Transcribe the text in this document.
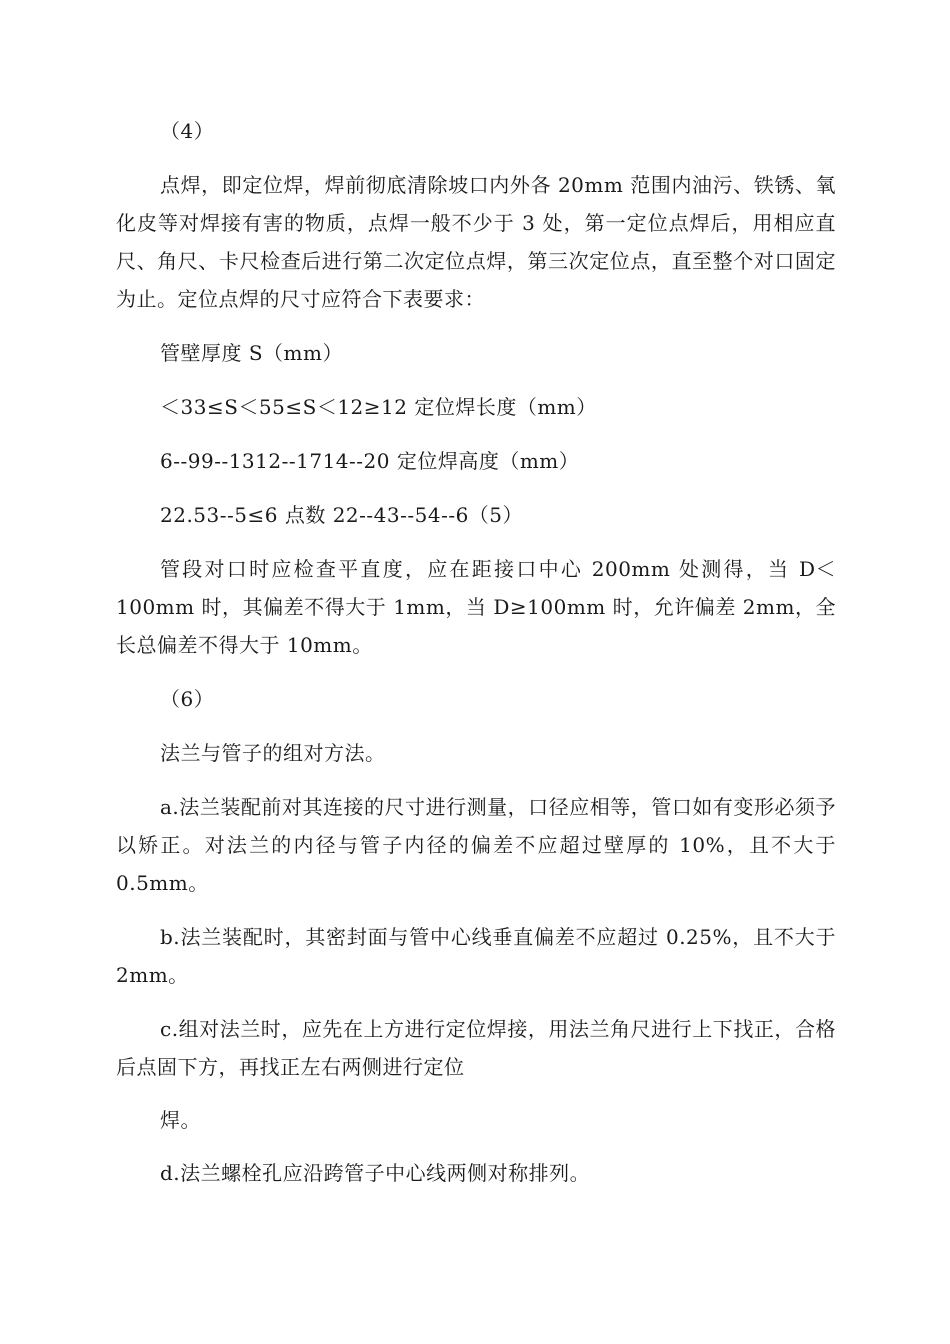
（4）

点焊，即定位焊，焊前彻底清除坡口内外各 20mm 范围内油污、铁锈、氧化皮等对焊接有害的物质，点焊一般不少于 3 处，第一定位点焊后，用相应直尺、角尺、卡尺检查后进行第二次定位点焊，第三次定位点，直至整个对口固定为止。定位点焊的尺寸应符合下表要求：

管壁厚度 S（mm）

＜33≤S＜55≤S＜12≥12 定位焊长度（mm）

6--99--1312--1714--20 定位焊高度（mm）

22.53--5≤6 点数 22--43--54--6（5）

管段对口时应检查平直度，应在距接口中心 200mm 处测得，当 D＜100mm 时，其偏差不得大于 1mm，当 D≥100mm 时，允许偏差 2mm，全长总偏差不得大于 10mm。

（6）

法兰与管子的组对方法。

a.法兰装配前对其连接的尺寸进行测量，口径应相等，管口如有变形必须予以矫正。对法兰的内径与管子内径的偏差不应超过壁厚的 10%，且不大于 0.5mm。

b.法兰装配时，其密封面与管中心线垂直偏差不应超过 0.25%，且不大于 2mm。

c.组对法兰时，应先在上方进行定位焊接，用法兰角尺进行上下找正，合格后点固下方，再找正左右两侧进行定位

焊。

d.法兰螺栓孔应沿跨管子中心线两侧对称排列。
